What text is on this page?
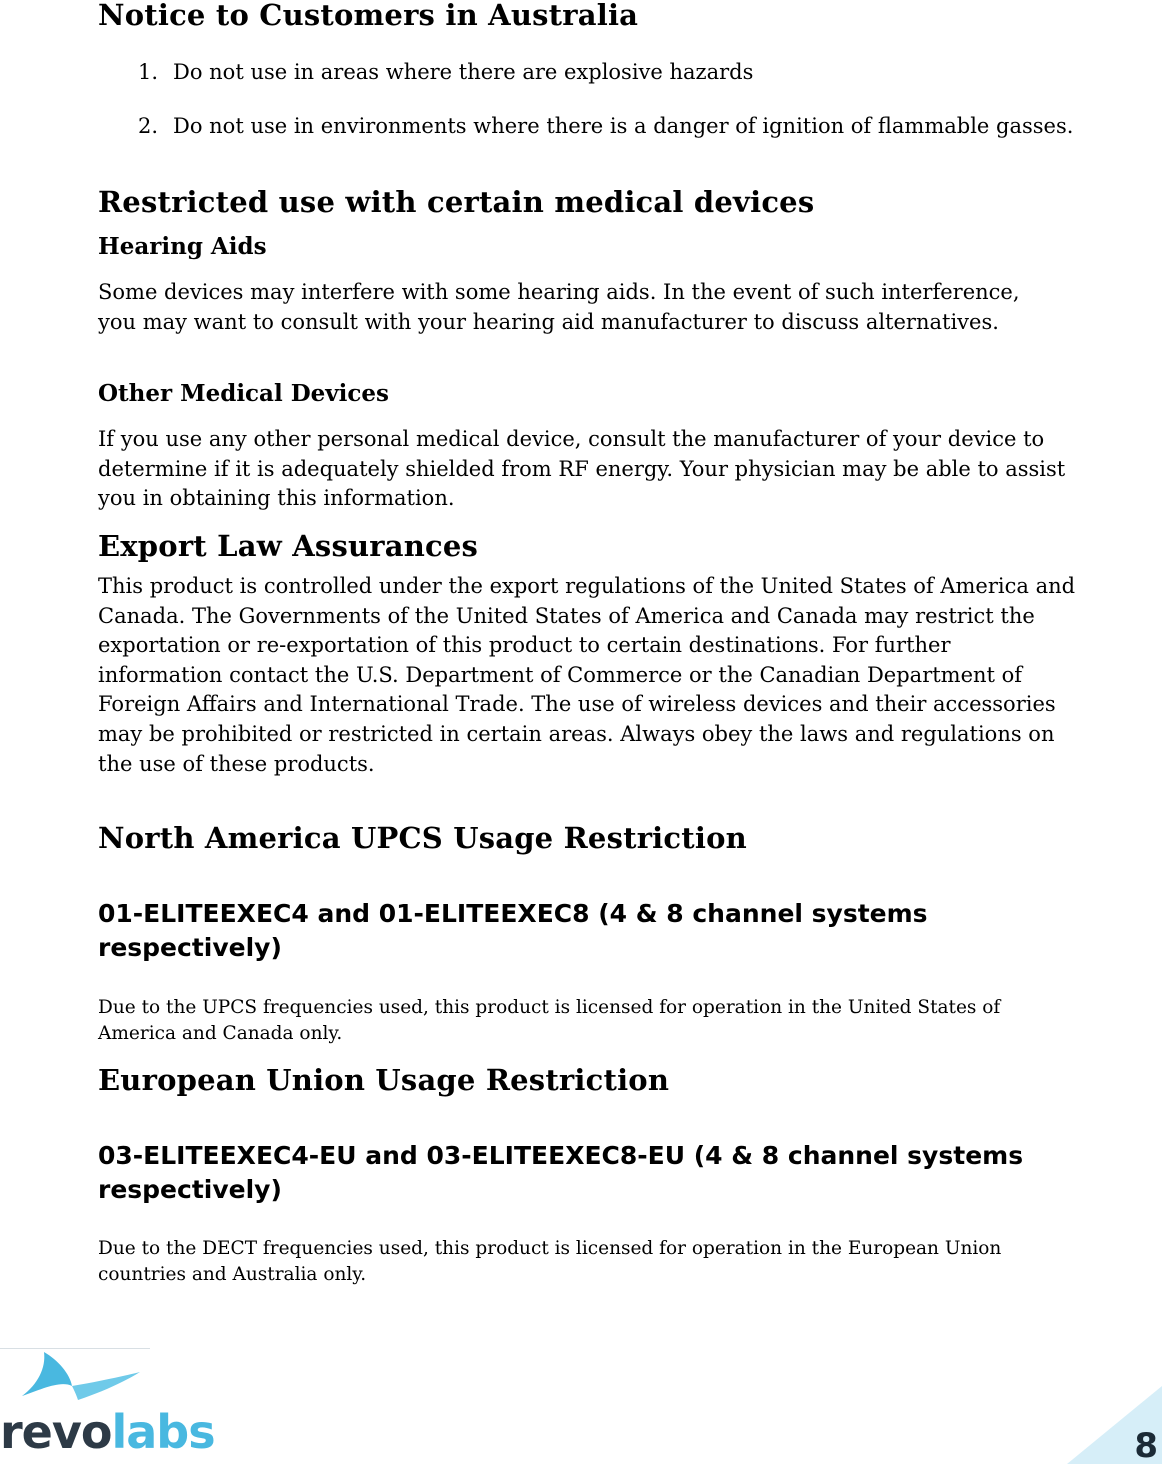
Notice to Customers in Australia
1. Do not use in areas where there are explosive hazards
2. Do not use in environments where there is a danger of ignition of flammable gasses.
Restricted use with certain medical devices
Hearing Aids

Some devices may interfere with some hearing aids. In the event of such interference, you may want to consult with your hearing aid manufacturer to discuss alternatives.

Other Medical Devices

If you use any other personal medical device, consult the manufacturer of your device to determine if it is adequately shielded from RF energy. Your physician may be able to assist you in obtaining this information.

Export Law Assurances

This product is controlled under the export regulations of the United States of America and Canada. The Governments of the United States of America and Canada may restrict the exportation or re-exportation of this product to certain destinations. For further information contact the U.S. Department of Commerce or the Canadian Department of Foreign Affairs and International Trade. The use of wireless devices and their accessories may be prohibited or restricted in certain areas. Always obey the laws and regulations on the use of these products.

North America UPCS Usage Restriction
01-ELITEEXEC4 and 01-ELITEEXEC8 (4 & 8 channel systems respectively)

Due to the UPCS frequencies used, this product is licensed for operation in the United States of America and Canada only.

European Union Usage Restriction
03-ELITEEXEC4-EU and 03-ELITEEXEC8-EU (4 & 8 channel systems respectively)

Due to the DECT frequencies used, this product is licensed for operation in the European Union countries and Australia only.

revolabs	8
